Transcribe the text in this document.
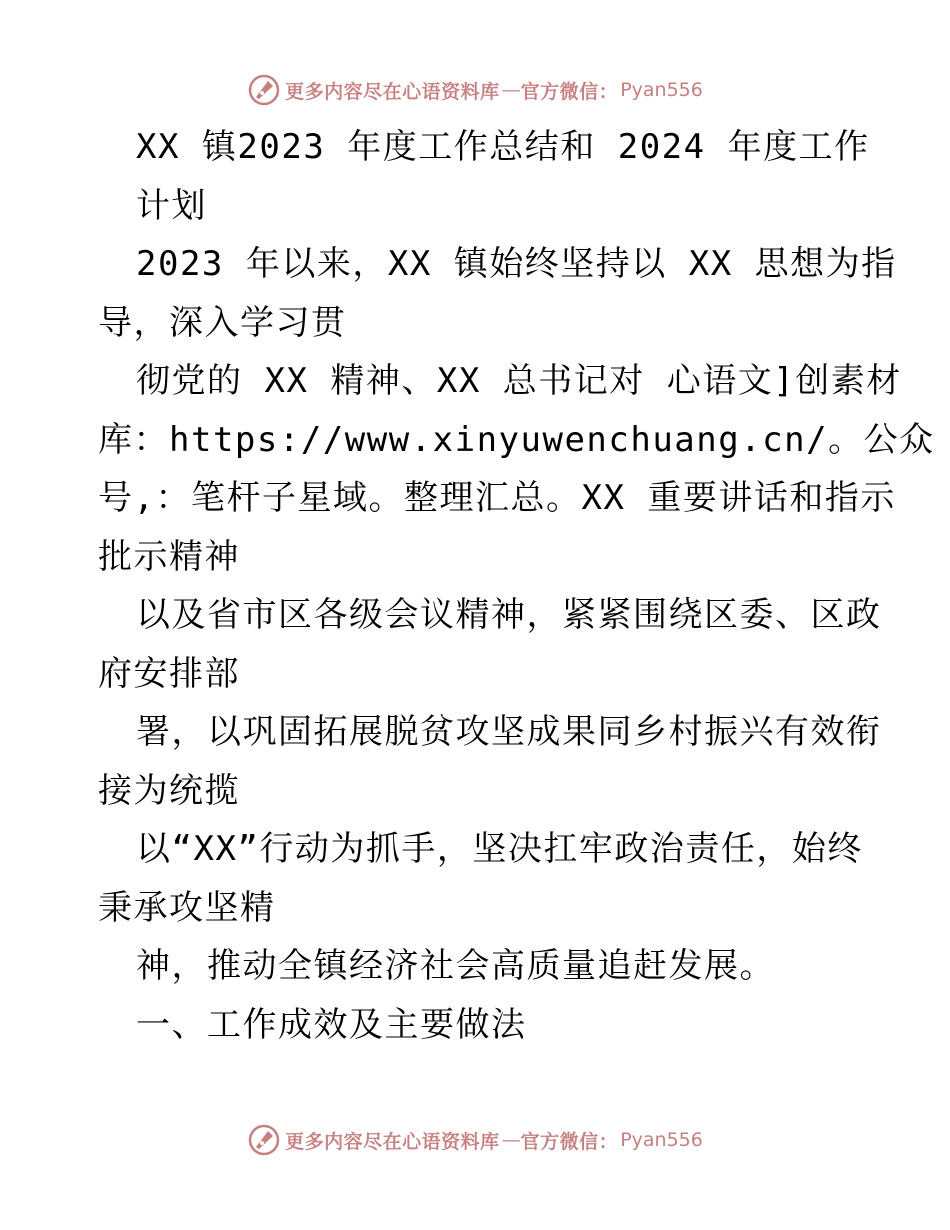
更多内容尽在心语资料库 — 官方微信： Pyan556
XX 镇2023 年度工作总结和 2024 年度工作
计划
2023 年以来，XX 镇始终坚持以 XX 思想为指
导，深入学习贯
彻党的 XX 精神、XX 总书记对 心语文]创素材
库：https://www.xinyuwenchuang.cn/。公众
号,：笔杆子星域。整理汇总。XX 重要讲话和指示
批示精神
以及省市区各级会议精神，紧紧围绕区委、区政
府安排部
署，以巩固拓展脱贫攻坚成果同乡村振兴有效衔
接为统揽
以“XX”行动为抓手，坚决扛牢政治责任，始终
秉承攻坚精
神，推动全镇经济社会高质量追赶发展。
一、工作成效及主要做法
更多内容尽在心语资料库 — 官方微信： Pyan556
